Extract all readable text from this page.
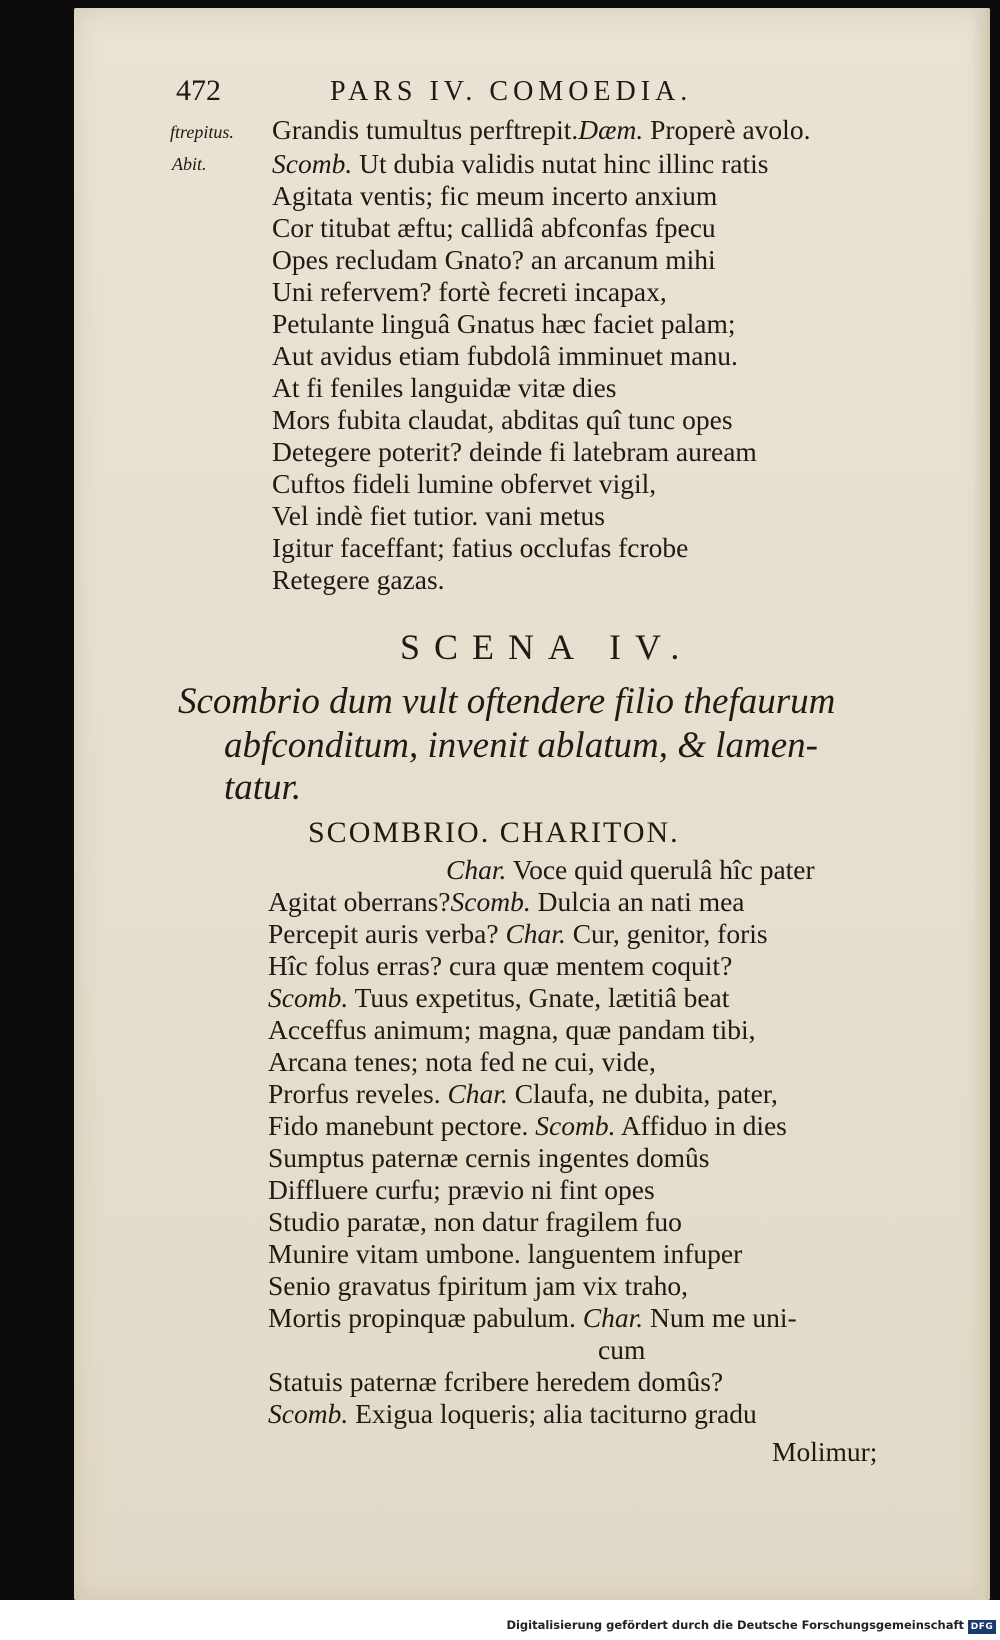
472	PARS IV. COMOEDIA.
ftrepitus.
Abit.
Grandis tumultus perftrepit.Dæm. Properè avolo.
Scomb. Ut dubia validis nutat hinc illinc ratis
Agitata ventis; fic meum incerto anxium
Cor titubat æftu; callidâ abfconfas fpecu
Opes recludam Gnato? an arcanum mihi
Uni refervem? fortè fecreti incapax,
Petulante linguâ Gnatus hæc faciet palam;
Aut avidus etiam fubdolâ imminuet manu.
At fi feniles languidæ vitæ dies
Mors fubita claudat, abditas quî tunc opes
Detegere poterit? deinde fi latebram auream
Cuftos fideli lumine obfervet vigil,
Vel indè fiet tutior. vani metus
Igitur faceffant; fatius occlufas fcrobe
Retegere gazas.
SCENA IV.
Scombrio dum vult oftendere filio thefaurum
abfconditum, invenit ablatum, & lamen-
tatur.
SCOMBRIO. CHARITON.
Char. Voce quid querulâ hîc pater
Agitat oberrans?Scomb. Dulcia an nati mea
Percepit auris verba? Char. Cur, genitor, foris
Hîc folus erras? cura quæ mentem coquit?
Scomb. Tuus expetitus, Gnate, lætitiâ beat
Acceffus animum; magna, quæ pandam tibi,
Arcana tenes; nota fed ne cui, vide,
Prorfus reveles. Char. Claufa, ne dubita, pater,
Fido manebunt pectore. Scomb. Affiduo in dies
Sumptus paternæ cernis ingentes domûs
Diffluere curfu; prævio ni fint opes
Studio paratæ, non datur fragilem fuo
Munire vitam umbone. languentem infuper
Senio gravatus fpiritum jam vix traho,
Mortis propinquæ pabulum. Char. Num me uni-
cum
Statuis paternæ fcribere heredem domûs?
Scomb. Exigua loqueris; alia taciturno gradu
Molimur;
Digitalisierung gefördert durch die Deutsche Forschungsgemeinschaft DFG
